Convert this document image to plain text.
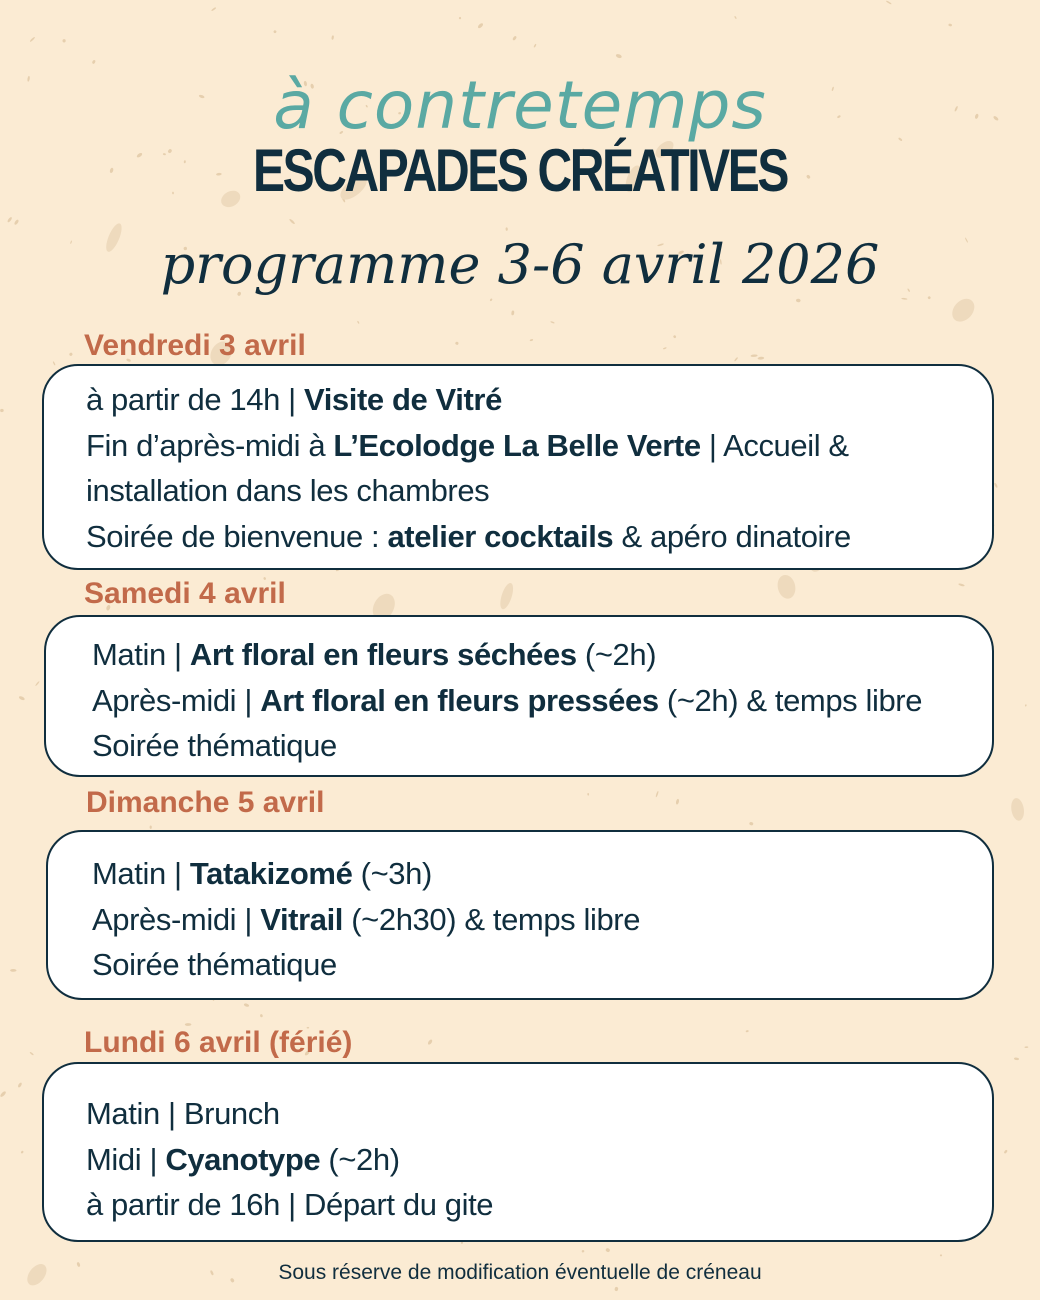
à contretemps
ESCAPADES CRÉATIVES
programme 3-6 avril 2026
Vendredi 3 avril
à partir de 14h | Visite de Vitré
Fin d’après-midi à L’Ecolodge La Belle Verte | Accueil &
installation dans les chambres
Soirée de bienvenue : atelier cocktails & apéro dinatoire
Samedi 4 avril
Matin | Art floral en fleurs séchées (~2h)
Après-midi | Art floral en fleurs pressées (~2h) & temps libre
Soirée thématique
Dimanche 5 avril
Matin | Tatakizomé (~3h)
Après-midi | Vitrail (~2h30) & temps libre
Soirée thématique
Lundi 6 avril (férié)
Matin | Brunch
Midi | Cyanotype (~2h)
à partir de 16h | Départ du gite
Sous réserve de modification éventuelle de créneau
